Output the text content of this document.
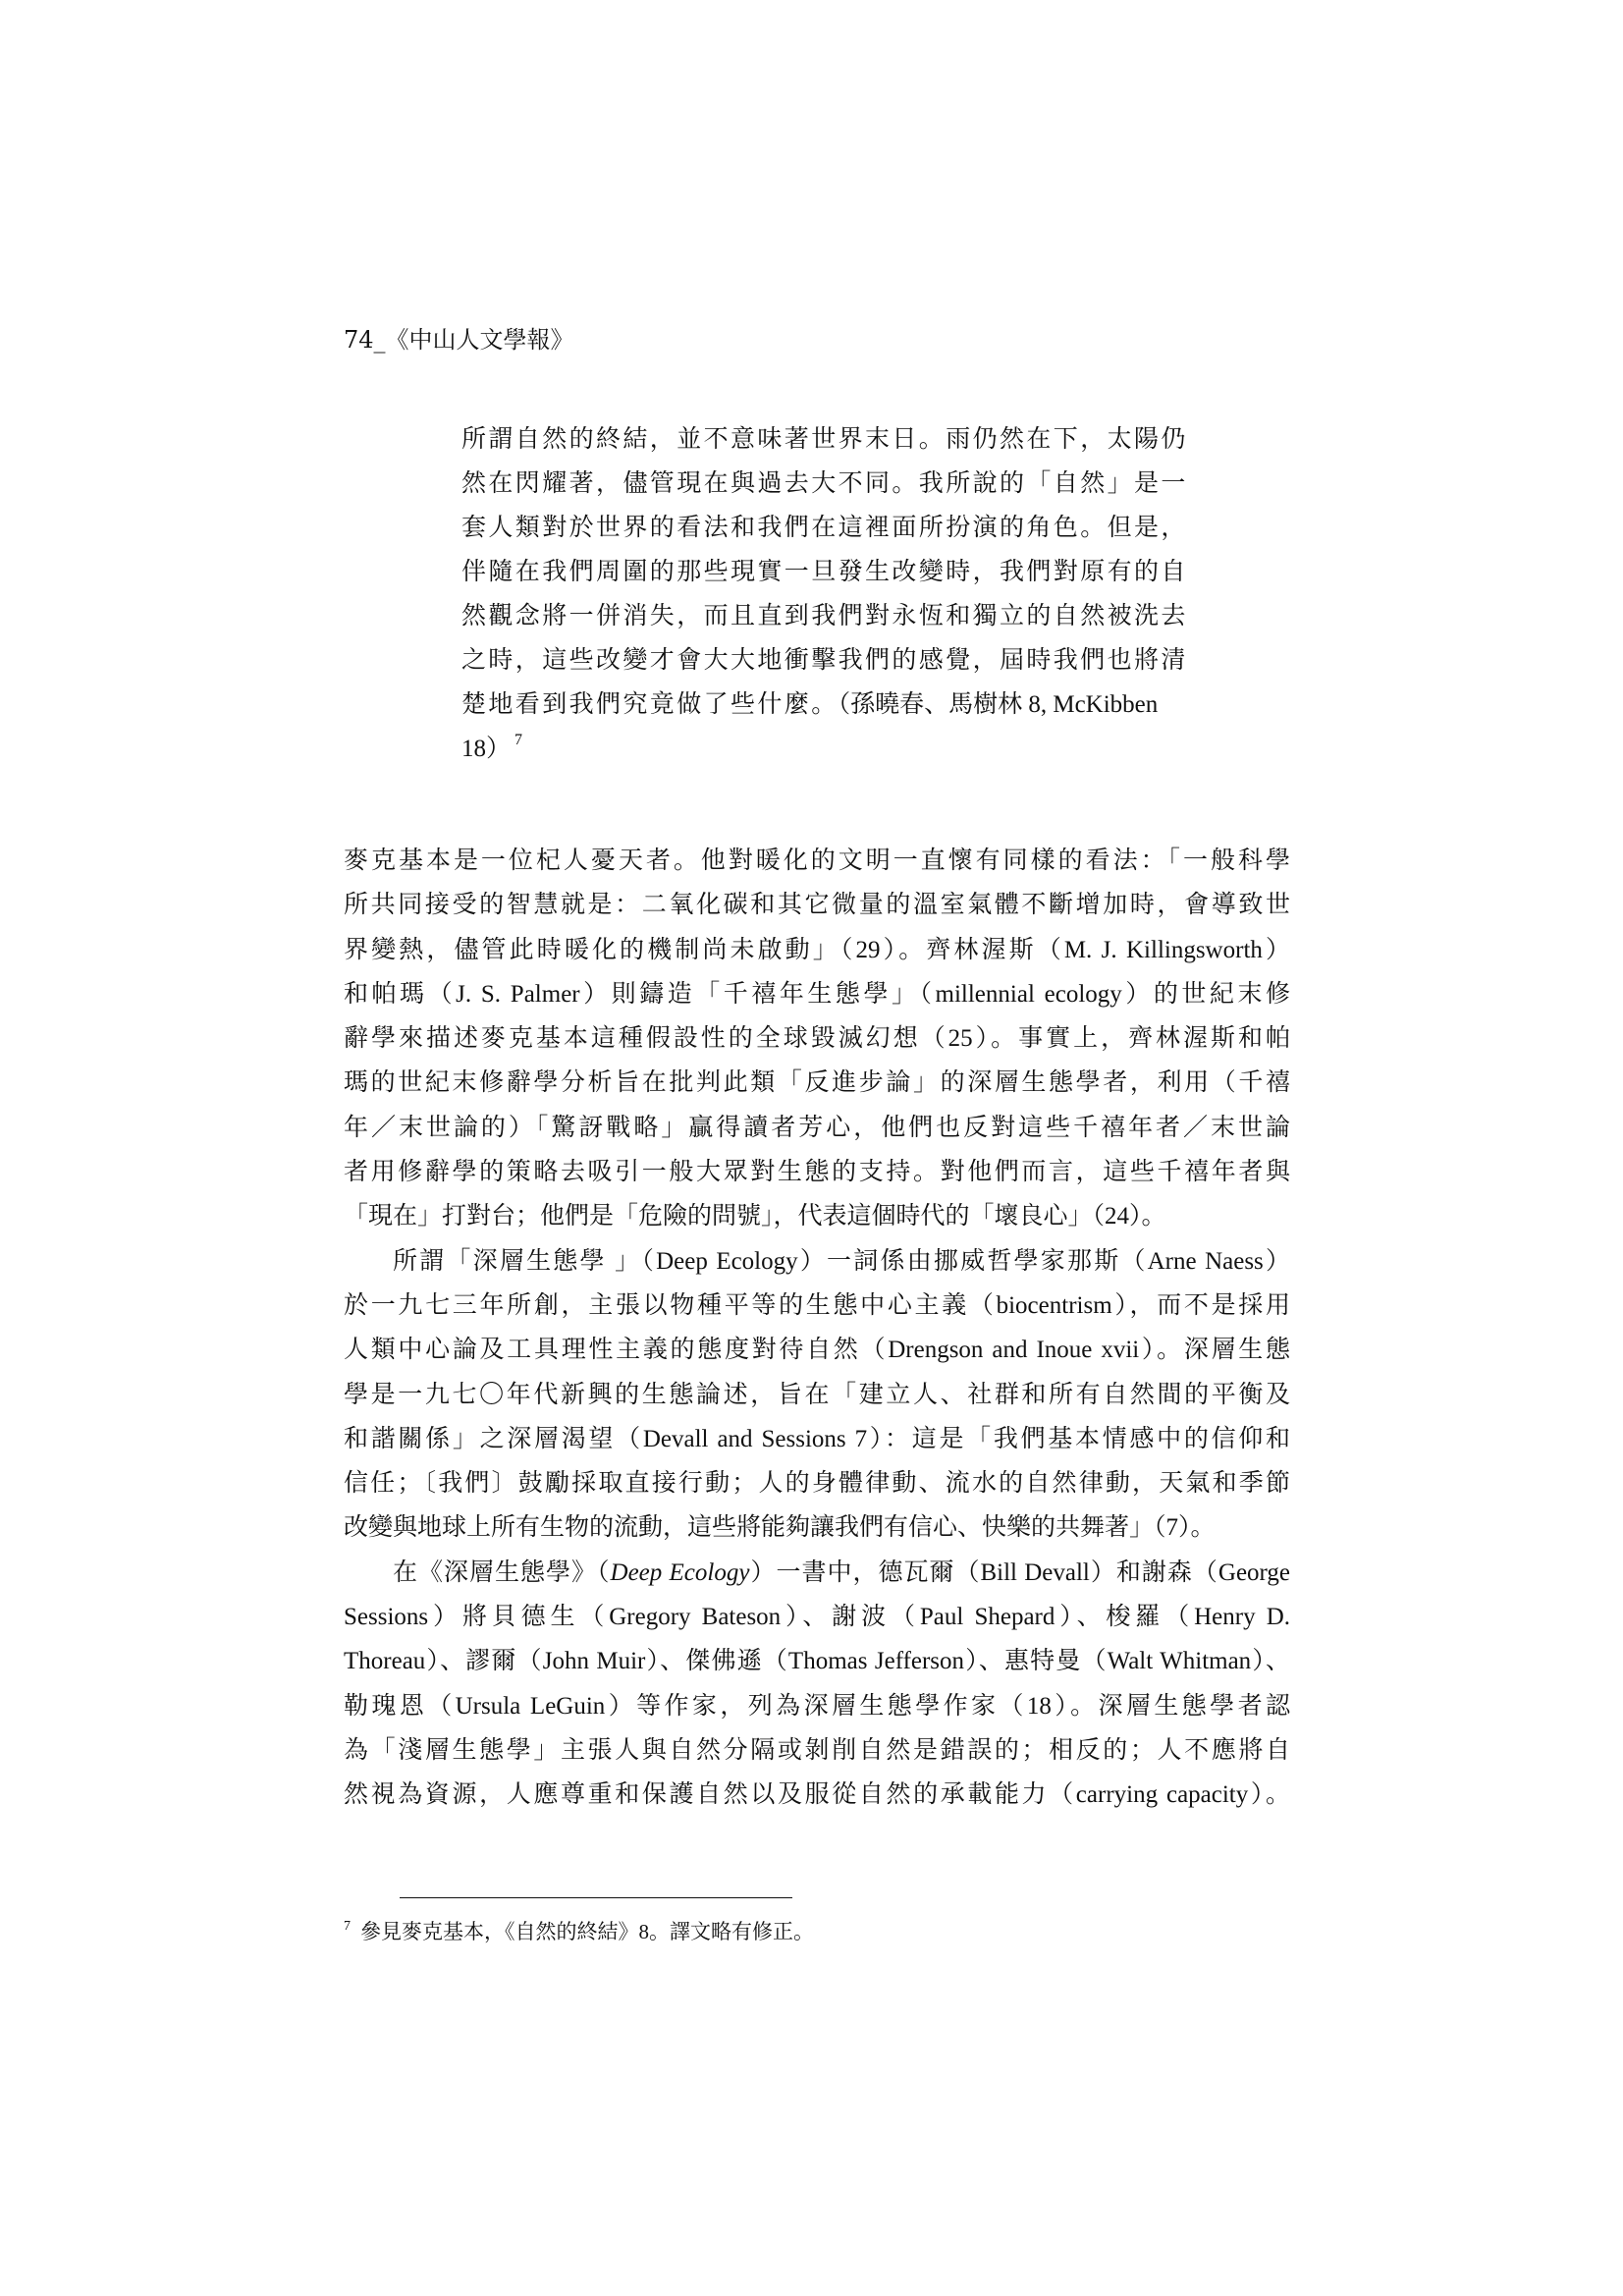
74_《中山人文學報》
所謂自然的終結，並不意味著世界末日。雨仍然在下，太陽仍
然在閃耀著，儘管現在與過去大不同。我所說的「自然」是一
套人類對於世界的看法和我們在這裡面所扮演的角色。但是，
伴隨在我們周圍的那些現實一旦發生改變時，我們對原有的自
然觀念將一併消失，而且直到我們對永恆和獨立的自然被洗去
之時，這些改變才會大大地衝擊我們的感覺，屆時我們也將清
楚地看到我們究竟做了些什麼。（孫曉春、馬樹林 8, McKibben
18） $^7$
麥克基本是一位杞人憂天者。他對暖化的文明一直懷有同樣的看法：「一般科學
所共同接受的智慧就是：二氧化碳和其它微量的溫室氣體不斷增加時，會導致世
界變熱，儘管此時暖化的機制尚未啟動」（29）。齊林渥斯（M. J. Killingsworth）
和帕瑪（J. S. Palmer）則鑄造「千禧年生態學」（millennial ecology）的世紀末修
辭學來描述麥克基本這種假設性的全球毀滅幻想（25）。事實上，齊林渥斯和帕
瑪的世紀末修辭學分析旨在批判此類「反進步論」的深層生態學者，利用（千禧
年／末世論的）「驚訝戰略」贏得讀者芳心，他們也反對這些千禧年者／末世論
者用修辭學的策略去吸引一般大眾對生態的支持。對他們而言，這些千禧年者與
「現在」打對台；他們是「危險的問號」，代表這個時代的「壞良心」（24）。
所謂「深層生態學 」（Deep Ecology）一詞係由挪威哲學家那斯（Arne Naess）
於一九七三年所創，主張以物種平等的生態中心主義（biocentrism），而不是採用
人類中心論及工具理性主義的態度對待自然（Drengson and Inoue xvii）。深層生態
學是一九七〇年代新興的生態論述，旨在「建立人、社群和所有自然間的平衡及
和諧關係」之深層渴望（Devall and Sessions 7）：這是「我們基本情感中的信仰和
信任；〔我們〕鼓勵採取直接行動；人的身體律動、流水的自然律動，天氣和季節
改變與地球上所有生物的流動，這些將能夠讓我們有信心、快樂的共舞著」（7）。
在《深層生態學》（Deep Ecology）一書中，德瓦爾（Bill Devall）和謝森（George
Sessions）將貝德生（Gregory Bateson）、謝波（Paul Shepard）、梭羅（Henry D.
Thoreau）、謬爾（John Muir）、傑佛遜（Thomas Jefferson）、惠特曼（Walt Whitman）、
勒瑰恩（Ursula LeGuin）等作家，列為深層生態學作家（18）。深層生態學者認
為「淺層生態學」主張人與自然分隔或剝削自然是錯誤的；相反的；人不應將自
然視為資源，人應尊重和保護自然以及服從自然的承載能力（carrying capacity）。
$^7$ 參見麥克基本，《自然的終結》8。譯文略有修正。
